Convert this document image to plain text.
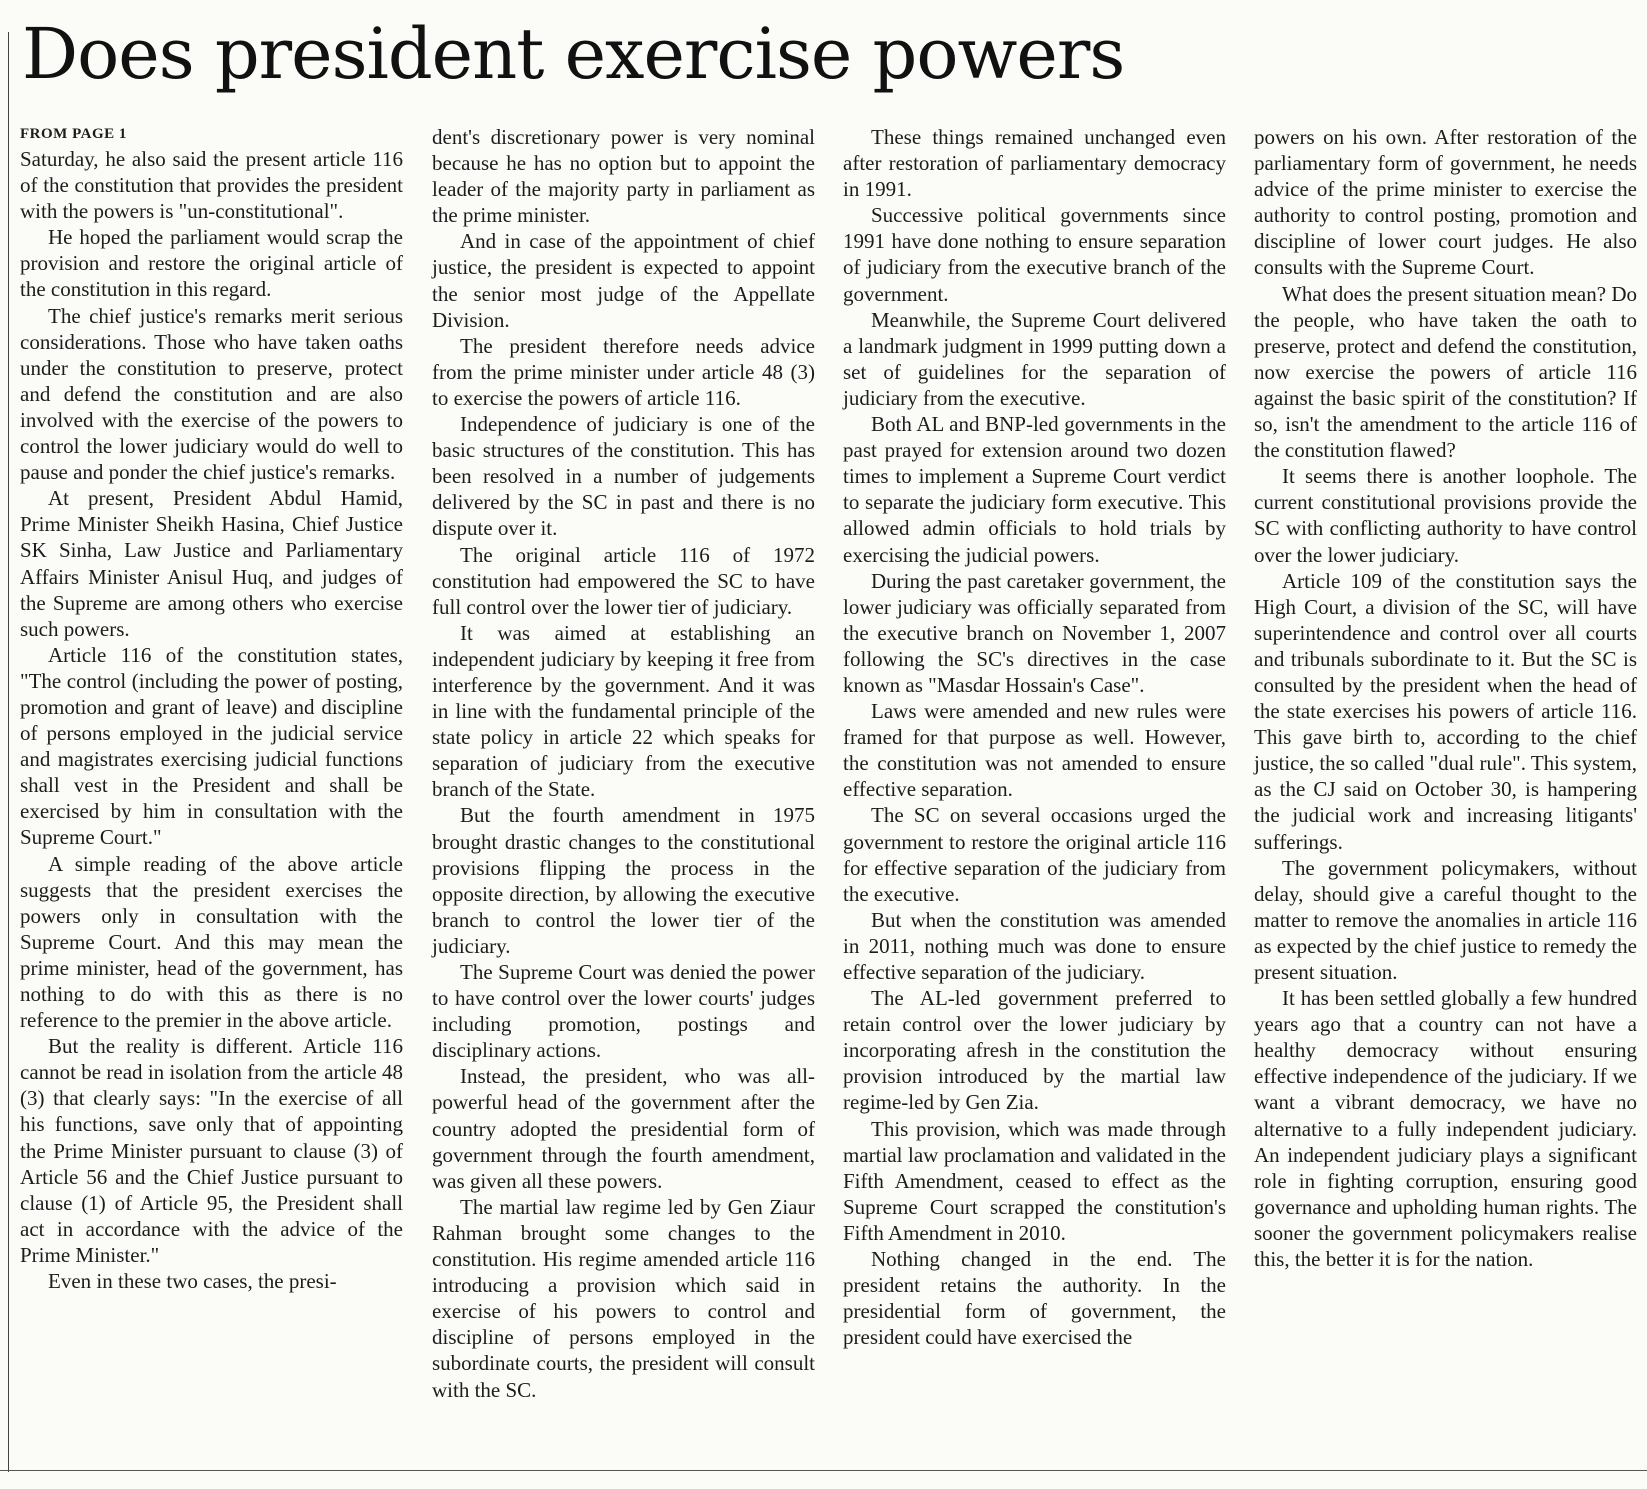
Does president exercise powers
FROM PAGE 1

Saturday, he also said the present article 116 of the constitution that provides the president with the powers is "un-constitutional".

He hoped the parliament would scrap the provision and restore the original article of the constitution in this regard.

The chief justice's remarks merit serious considerations. Those who have taken oaths under the constitution to preserve, protect and defend the constitution and are also involved with the exercise of the powers to control the lower judiciary would do well to pause and ponder the chief justice's remarks.

At present, President Abdul Hamid, Prime Minister Sheikh Hasina, Chief Justice SK Sinha, Law Justice and Parliamentary Affairs Minister Anisul Huq, and judges of the Supreme are among others who exercise such powers.

Article 116 of the constitution states, "The control (including the power of posting, promotion and grant of leave) and discipline of persons employed in the judicial service and magistrates exercising judicial functions shall vest in the President and shall be exercised by him in consultation with the Supreme Court."

A simple reading of the above article suggests that the president exercises the powers only in consultation with the Supreme Court. And this may mean the prime minister, head of the government, has nothing to do with this as there is no reference to the premier in the above article.

But the reality is different. Article 116 cannot be read in isolation from the article 48 (3) that clearly says: "In the exercise of all his functions, save only that of appointing the Prime Minister pursuant to clause (3) of Article 56 and the Chief Justice pursuant to clause (1) of Article 95, the President shall act in accordance with the advice of the Prime Minister."

Even in these two cases, the presi-

dent's discretionary power is very nominal because he has no option but to appoint the leader of the majority party in parliament as the prime minister.

And in case of the appointment of chief justice, the president is expected to appoint the senior most judge of the Appellate Division.

The president therefore needs advice from the prime minister under article 48 (3) to exercise the powers of article 116.

Independence of judiciary is one of the basic structures of the constitution. This has been resolved in a number of judgements delivered by the SC in past and there is no dispute over it.

The original article 116 of 1972 constitution had empowered the SC to have full control over the lower tier of judiciary.

It was aimed at establishing an independent judiciary by keeping it free from interference by the government. And it was in line with the fundamental principle of the state policy in article 22 which speaks for separation of judiciary from the executive branch of the State.

But the fourth amendment in 1975 brought drastic changes to the constitutional provisions flipping the process in the opposite direction, by allowing the executive branch to control the lower tier of the judiciary.

The Supreme Court was denied the power to have control over the lower courts' judges including promotion, postings and disciplinary actions.

Instead, the president, who was all-powerful head of the government after the country adopted the presidential form of government through the fourth amendment, was given all these powers.

The martial law regime led by Gen Ziaur Rahman brought some changes to the constitution. His regime amended article 116 introducing a provision which said in exercise of his powers to control and discipline of persons employed in the subordinate courts, the president will consult with the SC.

These things remained unchanged even after restoration of parliamentary democracy in 1991.

Successive political governments since 1991 have done nothing to ensure separation of judiciary from the executive branch of the government.

Meanwhile, the Supreme Court delivered a landmark judgment in 1999 putting down a set of guidelines for the separation of judiciary from the executive.

Both AL and BNP-led governments in the past prayed for extension around two dozen times to implement a Supreme Court verdict to separate the judiciary form executive. This allowed admin officials to hold trials by exercising the judicial powers.

During the past caretaker government, the lower judiciary was officially separated from the executive branch on November 1, 2007 following the SC's directives in the case known as "Masdar Hossain's Case".

Laws were amended and new rules were framed for that purpose as well. However, the constitution was not amended to ensure effective separation.

The SC on several occasions urged the government to restore the original article 116 for effective separation of the judiciary from the executive.

But when the constitution was amended in 2011, nothing much was done to ensure effective separation of the judiciary.

The AL-led government preferred to retain control over the lower judiciary by incorporating afresh in the constitution the provision introduced by the martial law regime-led by Gen Zia.

This provision, which was made through martial law proclamation and validated in the Fifth Amendment, ceased to effect as the Supreme Court scrapped the constitution's Fifth Amendment in 2010.

Nothing changed in the end. The president retains the authority. In the presidential form of government, the president could have exercised the

powers on his own. After restoration of the parliamentary form of government, he needs advice of the prime minister to exercise the authority to control posting, promotion and discipline of lower court judges. He also consults with the Supreme Court.

What does the present situation mean? Do the people, who have taken the oath to preserve, protect and defend the constitution, now exercise the powers of article 116 against the basic spirit of the constitution? If so, isn't the amendment to the article 116 of the constitution flawed?

It seems there is another loophole. The current constitutional provisions provide the SC with conflicting authority to have control over the lower judiciary.

Article 109 of the constitution says the High Court, a division of the SC, will have superintendence and control over all courts and tribunals subordinate to it. But the SC is consulted by the president when the head of the state exercises his powers of article 116. This gave birth to, according to the chief justice, the so called "dual rule". This system, as the CJ said on October 30, is hampering the judicial work and increasing litigants' sufferings.

The government policymakers, without delay, should give a careful thought to the matter to remove the anomalies in article 116 as expected by the chief justice to remedy the present situation.

It has been settled globally a few hundred years ago that a country can not have a healthy democracy without ensuring effective independence of the judiciary. If we want a vibrant democracy, we have no alternative to a fully independent judiciary. An independent judiciary plays a significant role in fighting corruption, ensuring good governance and upholding human rights. The sooner the government policymakers realise this, the better it is for the nation.
